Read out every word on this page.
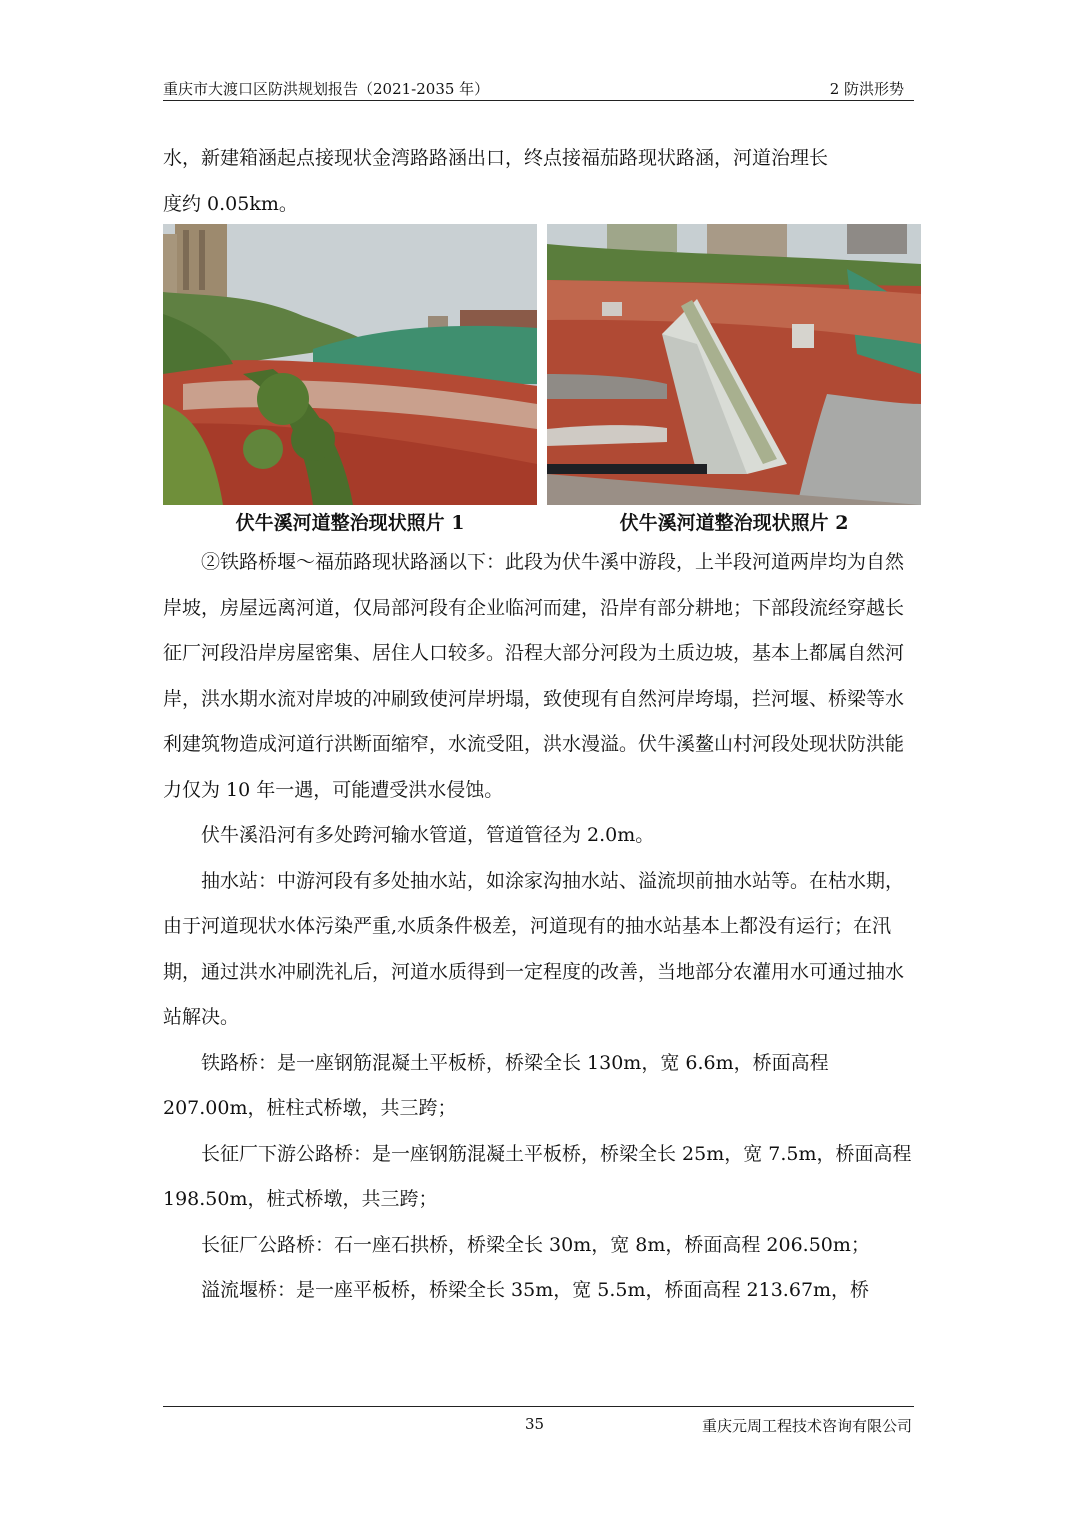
重庆市大渡口区防洪规划报告（2021-2035 年）	2 防洪形势

水，新建箱涵起点接现状金湾路路涵出口，终点接福茄路现状路涵，河道治理长

度约 0.05km。

伏牛溪河道整治现状照片 1	伏牛溪河道整治现状照片 2

②铁路桥堰～福茄路现状路涵以下：此段为伏牛溪中游段，上半段河道两岸均为自然岸坡，房屋远离河道，仅局部河段有企业临河而建，沿岸有部分耕地；下部段流经穿越长征厂河段沿岸房屋密集、居住人口较多。沿程大部分河段为土质边坡，基本上都属自然河岸，洪水期水流对岸坡的冲刷致使河岸坍塌，致使现有自然河岸垮塌，拦河堰、桥梁等水利建筑物造成河道行洪断面缩窄，水流受阻，洪水漫溢。伏牛溪鳌山村河段处现状防洪能力仅为 10 年一遇，可能遭受洪水侵蚀。

伏牛溪沿河有多处跨河输水管道，管道管径为 2.0m。

抽水站：中游河段有多处抽水站，如涂家沟抽水站、溢流坝前抽水站等。在枯水期，由于河道现状水体污染严重,水质条件极差，河道现有的抽水站基本上都没有运行；在汛期，通过洪水冲刷洗礼后，河道水质得到一定程度的改善，当地部分农灌用水可通过抽水站解决。

铁路桥：是一座钢筋混凝土平板桥，桥梁全长 130m，宽 6.6m，桥面高程 207.00m，桩柱式桥墩，共三跨；

长征厂下游公路桥：是一座钢筋混凝土平板桥，桥梁全长 25m，宽 7.5m，桥面高程 198.50m，桩式桥墩，共三跨；

长征厂公路桥：石一座石拱桥，桥梁全长 30m，宽 8m，桥面高程 206.50m；

溢流堰桥：是一座平板桥，桥梁全长 35m，宽 5.5m，桥面高程 213.67m，桥

35	重庆元周工程技术咨询有限公司
